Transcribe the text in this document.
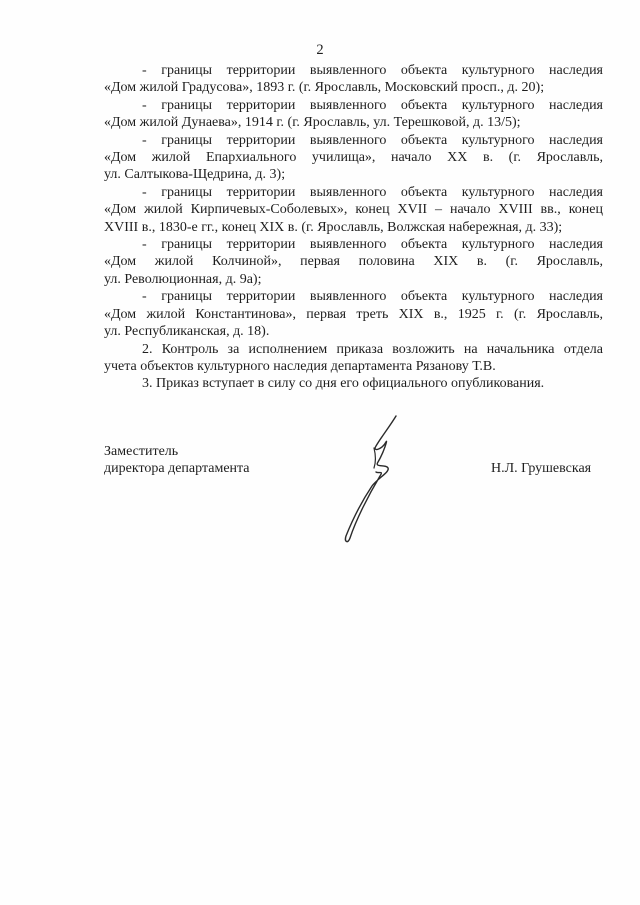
2

- границы территории выявленного объекта культурного наследия
«Дом жилой Градусова», 1893 г. (г. Ярославль, Московский просп., д. 20);

- границы территории выявленного объекта культурного наследия
«Дом жилой Дунаева», 1914 г. (г. Ярославль, ул. Терешковой, д. 13/5);

- границы территории выявленного объекта культурного наследия
«Дом жилой Епархиального училища», начало XX в. (г. Ярославль,
ул. Салтыкова-Щедрина, д. 3);

- границы территории выявленного объекта культурного наследия
«Дом жилой Кирпичевых-Соболевых», конец XVII – начало XVIII вв., конец
XVIII в., 1830-е гг., конец XIX в. (г. Ярославль, Волжская набережная, д. 33);

- границы территории выявленного объекта культурного наследия
«Дом жилой Колчиной», первая половина XIX в. (г. Ярославль,
ул. Революционная, д. 9а);

- границы территории выявленного объекта культурного наследия
«Дом жилой Константинова», первая треть XIX в., 1925 г. (г. Ярославль,
ул. Республиканская, д. 18).

2. Контроль за исполнением приказа возложить на начальника отдела
учета объектов культурного наследия департамента Рязанову Т.В.

3. Приказ вступает в силу со дня его официального опубликования.

Заместитель
директора департамента	Н.Л. Грушевская
